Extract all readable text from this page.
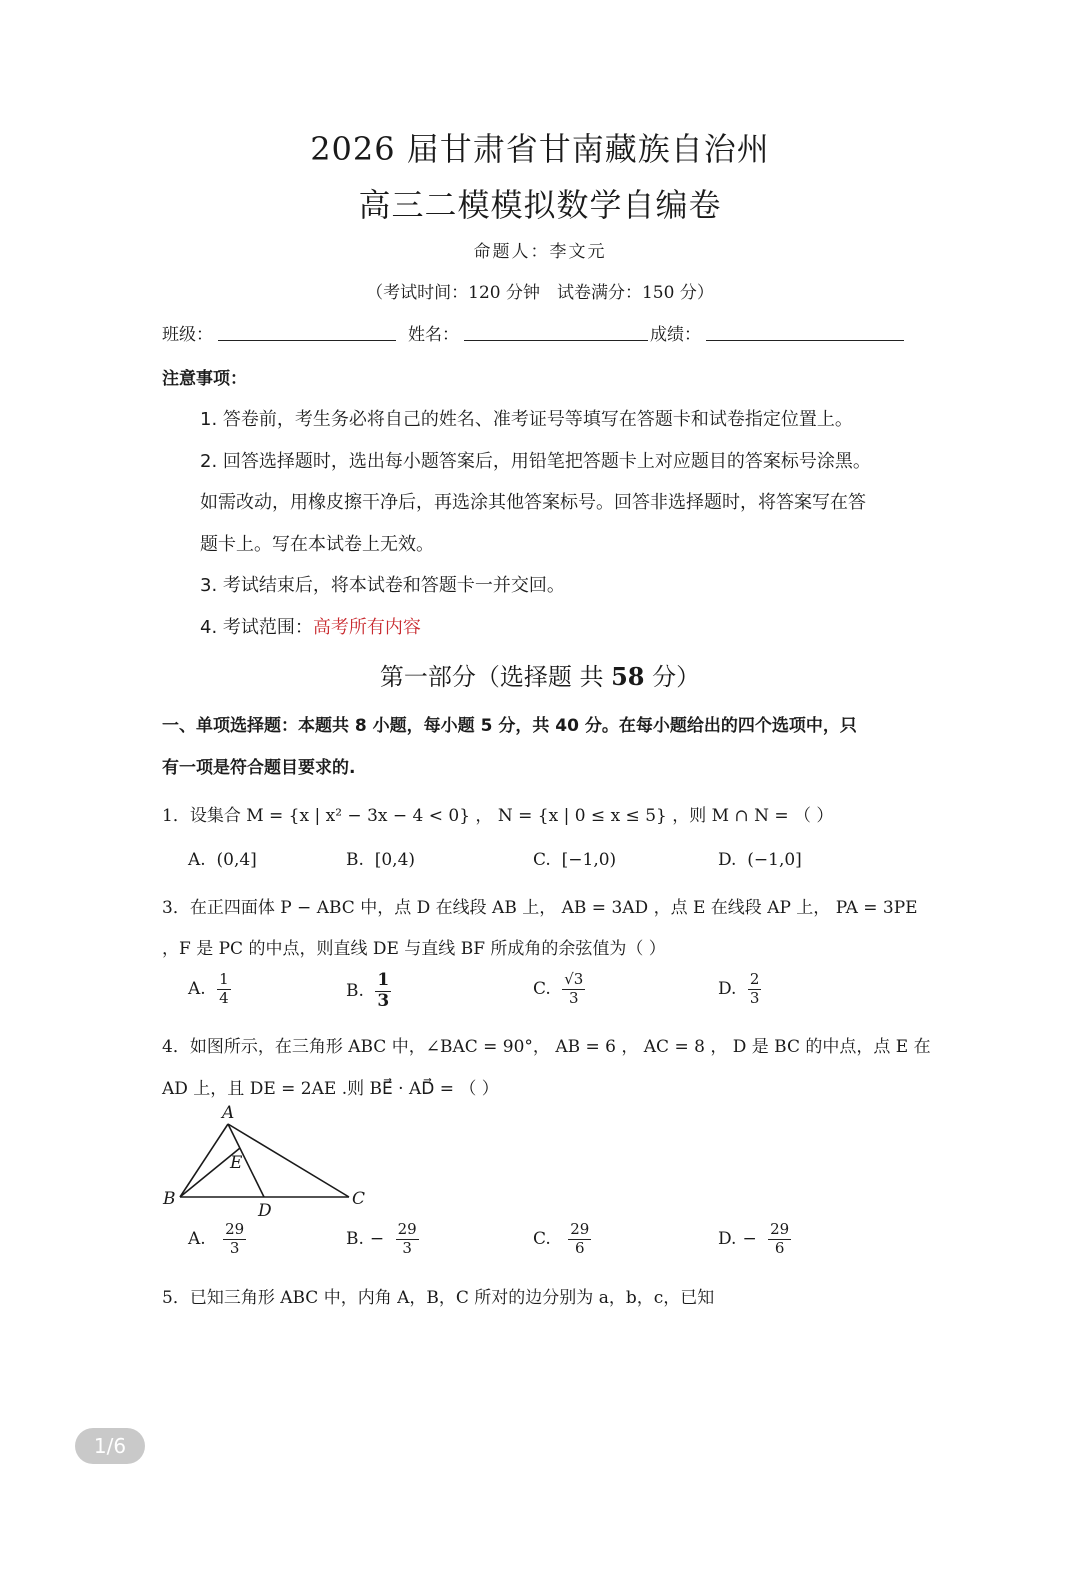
2026 届甘肃省甘南藏族自治州
高三二模模拟数学自编卷
命题人：李文元
（考试时间：120 分钟　试卷满分：150 分）
班级：	姓名：	成绩：
注意事项：
1. 答卷前，考生务必将自己的姓名、准考证号等填写在答题卡和试卷指定位置上。
2. 回答选择题时，选出每小题答案后，用铅笔把答题卡上对应题目的答案标号涂黑。
如需改动，用橡皮擦干净后，再选涂其他答案标号。回答非选择题时，将答案写在答
题卡上。写在本试卷上无效。
3. 考试结束后，将本试卷和答题卡一并交回。
4. 考试范围：高考所有内容
第一部分（选择题 共 58 分）
一、单项选择题：本题共 8 小题，每小题 5 分，共 40 分。在每小题给出的四个选项中，只
有一项是符合题目要求的.
1．设集合 M = {x | x² − 3x − 4 < 0} ， N = {x | 0 ≤ x ≤ 5} ，则 M ∩ N = （ ）
A. (0,4]	B. [0,4)	C. [−1,0)	D. (−1,0]
3．在正四面体 P − ABC 中，点 D 在线段 AB 上， AB = 3AD ，点 E 在线段 AP 上， PA = 3PE
，F 是 PC 的中点，则直线 DE 与直线 BF 所成角的余弦值为（ ）
A. $\frac{1}{4}$	B. $\frac{1}{3}$	C. $\frac{√3}{3}$	D. $\frac{2}{3}$
4．如图所示，在三角形 ABC 中，∠BAC = 90°， AB = 6 ， AC = 8 ， D 是 BC 的中点，点 E 在
AD 上，且 DE = 2AE .则 BE⃗ · AD⃗ = （ ）
A
B	C
D
E
A. $\frac{29}{3}$	B. − $\frac{29}{3}$	C. $\frac{29}{6}$	D. − $\frac{29}{6}$
5．已知三角形 ABC 中，内角 A，B，C 所对的边分别为 a，b，c，已知
1/6
